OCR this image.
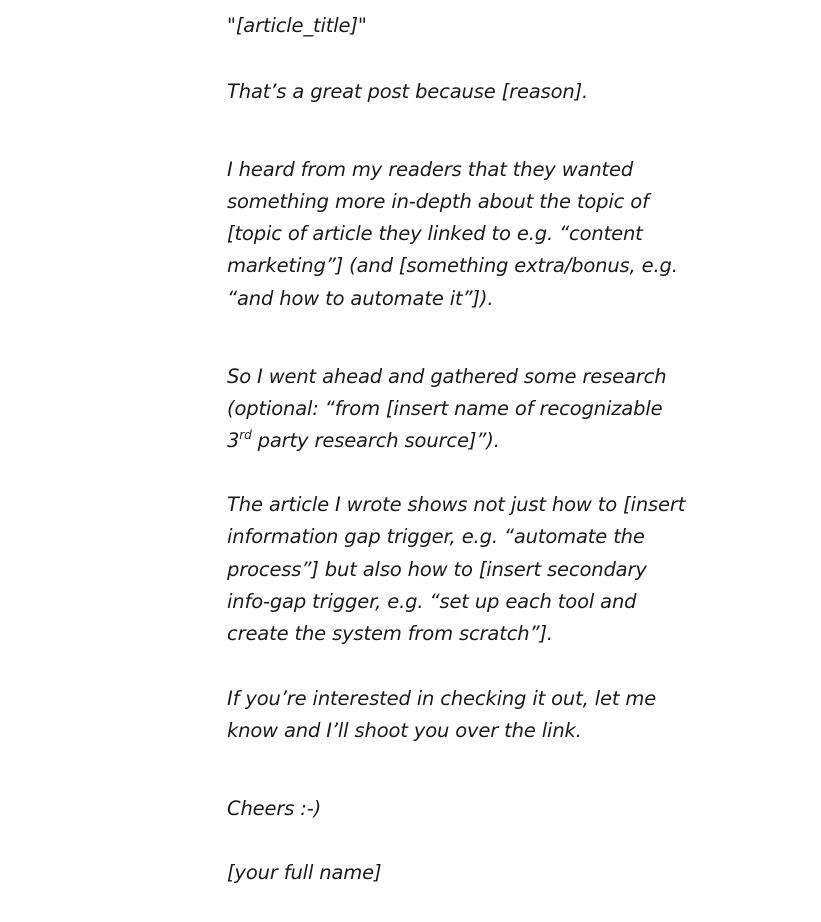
"[article_title]"
That’s a great post because [reason].
I heard from my readers that they wanted
something more in-depth about the topic of
[topic of article they linked to e.g. “content
marketing”] (and [something extra/bonus, e.g.
“and how to automate it”]).
So I went ahead and gathered some research
(optional: “from [insert name of recognizable
3rd party research source]”).
The article I wrote shows not just how to [insert
information gap trigger, e.g. “automate the
process”] but also how to [insert secondary
info-gap trigger, e.g. “set up each tool and
create the system from scratch”].
If you’re interested in checking it out, let me
know and I’ll shoot you over the link.
Cheers :-)
[your full name]
